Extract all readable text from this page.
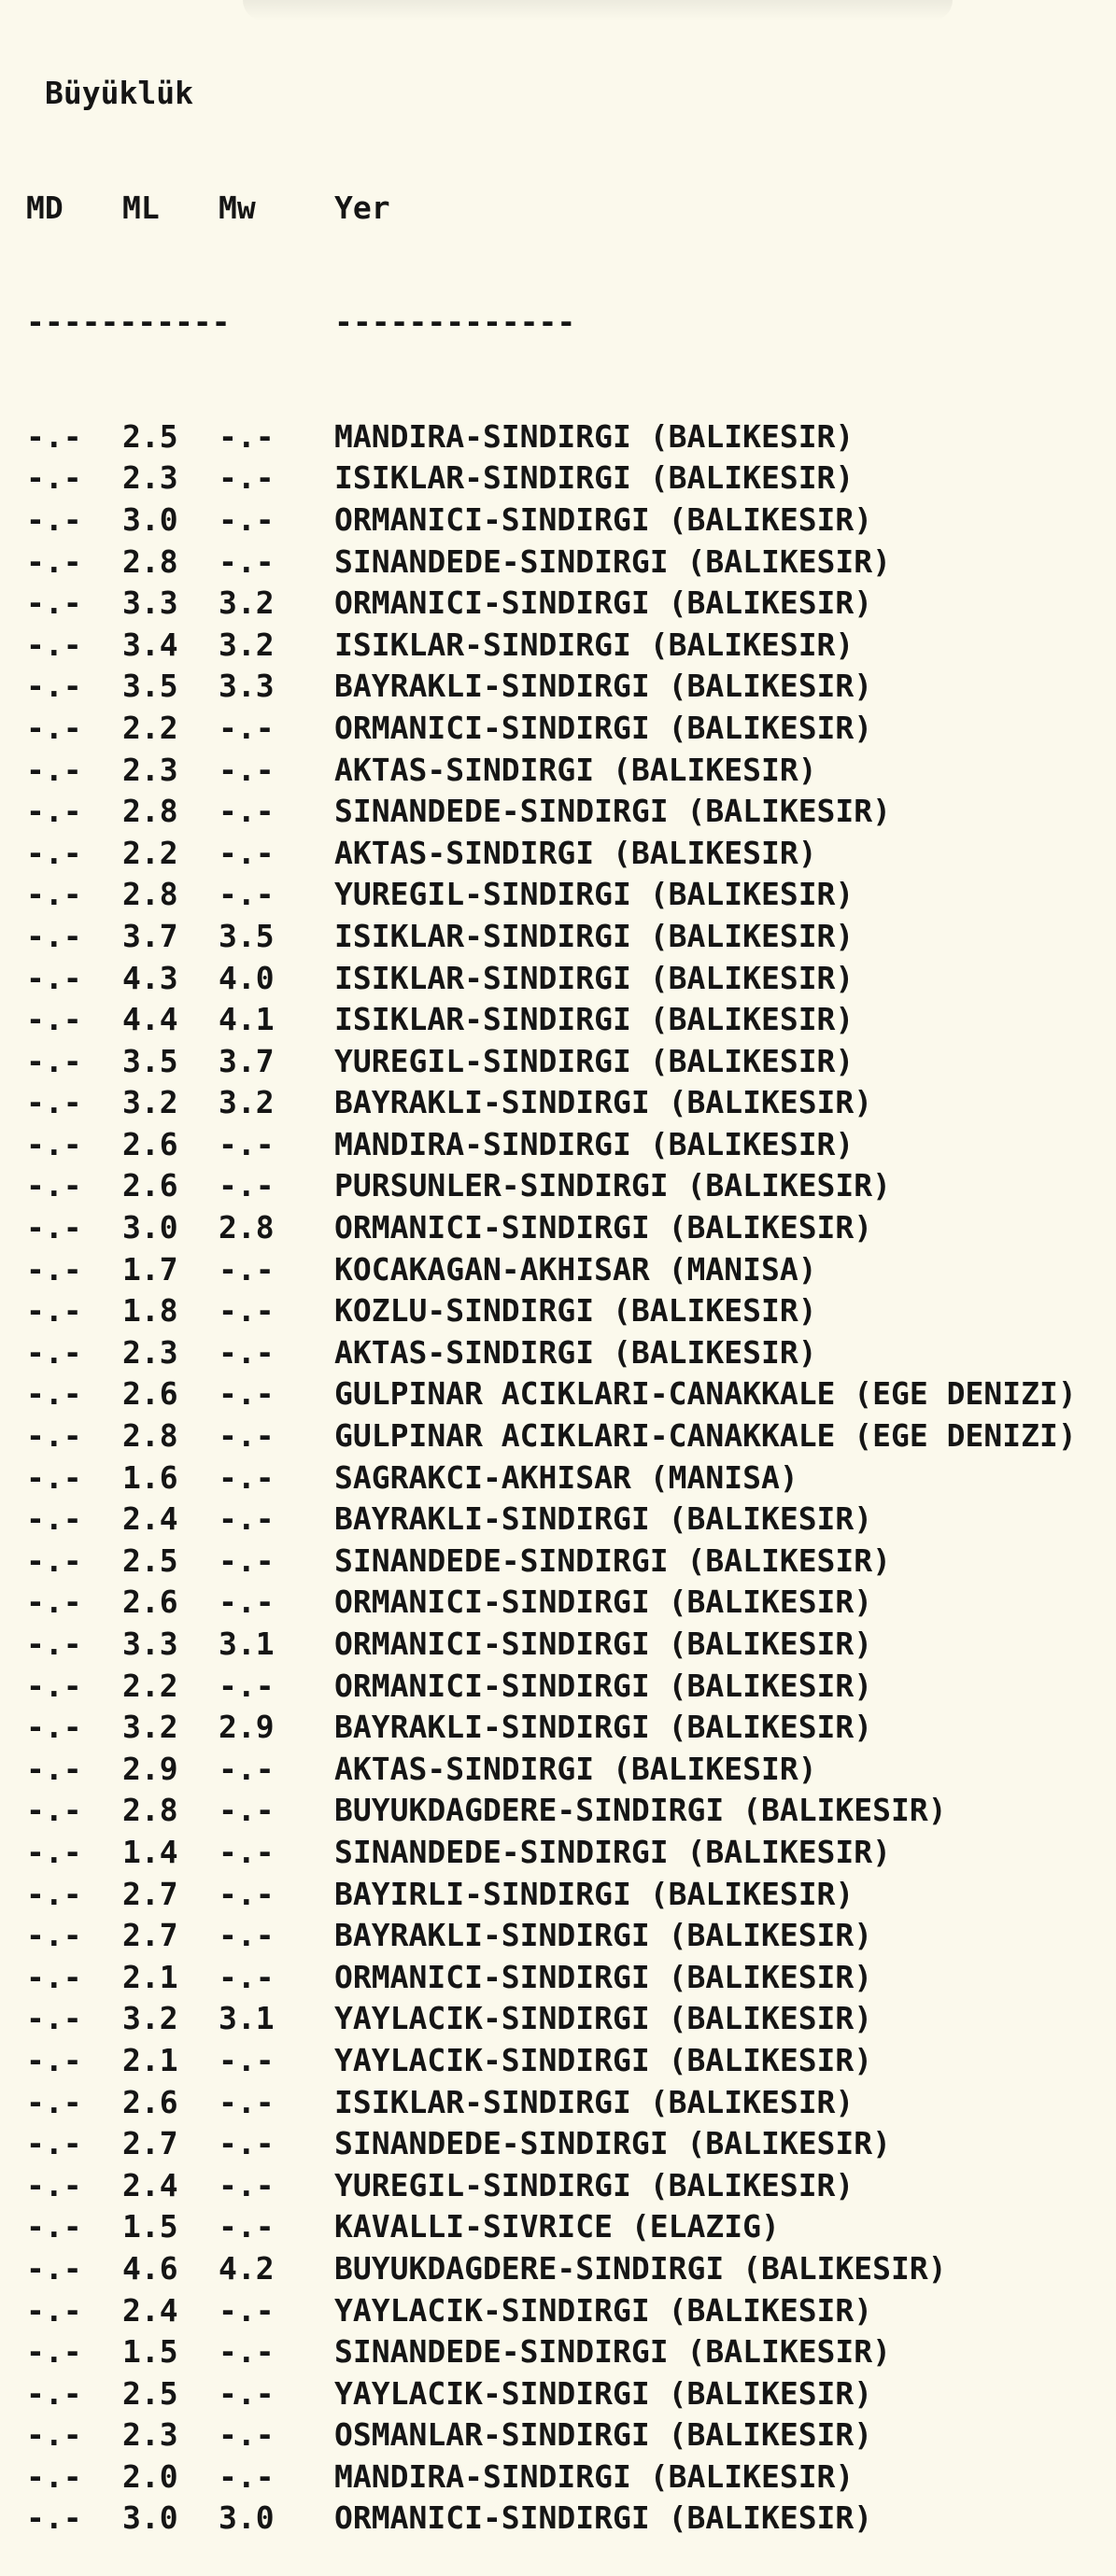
Büyüklük

MD ML Mw	Yer

-----------	-------------

-.- 2.5 -.- MANDIRA-SINDIRGI (BALIKESIR)
-.- 2.3 -.- ISIKLAR-SINDIRGI (BALIKESIR)
-.- 3.0 -.- ORMANICI-SINDIRGI (BALIKESIR)
-.- 2.8 -.- SINANDEDE-SINDIRGI (BALIKESIR)
-.- 3.3 3.2 ORMANICI-SINDIRGI (BALIKESIR)
-.- 3.4 3.2 ISIKLAR-SINDIRGI (BALIKESIR)
-.- 3.5 3.3 BAYRAKLI-SINDIRGI (BALIKESIR)
-.- 2.2 -.- ORMANICI-SINDIRGI (BALIKESIR)
-.- 2.3 -.- AKTAS-SINDIRGI (BALIKESIR)
-.- 2.8 -.- SINANDEDE-SINDIRGI (BALIKESIR)
-.- 2.2 -.- AKTAS-SINDIRGI (BALIKESIR)
-.- 2.8 -.- YUREGIL-SINDIRGI (BALIKESIR)
-.- 3.7 3.5 ISIKLAR-SINDIRGI (BALIKESIR)
-.- 4.3 4.0 ISIKLAR-SINDIRGI (BALIKESIR)
-.- 4.4 4.1 ISIKLAR-SINDIRGI (BALIKESIR)
-.- 3.5 3.7 YUREGIL-SINDIRGI (BALIKESIR)
-.- 3.2 3.2 BAYRAKLI-SINDIRGI (BALIKESIR)
-.- 2.6 -.- MANDIRA-SINDIRGI (BALIKESIR)
-.- 2.6 -.- PURSUNLER-SINDIRGI (BALIKESIR)
-.- 3.0 2.8 ORMANICI-SINDIRGI (BALIKESIR)
-.- 1.7 -.- KOCAKAGAN-AKHISAR (MANISA)
-.- 1.8 -.- KOZLU-SINDIRGI (BALIKESIR)
-.- 2.3 -.- AKTAS-SINDIRGI (BALIKESIR)
-.- 2.6 -.- GULPINAR ACIKLARI-CANAKKALE (EGE DENIZI)
-.- 2.8 -.- GULPINAR ACIKLARI-CANAKKALE (EGE DENIZI)
-.- 1.6 -.- SAGRAKCI-AKHISAR (MANISA)
-.- 2.4 -.- BAYRAKLI-SINDIRGI (BALIKESIR)
-.- 2.5 -.- SINANDEDE-SINDIRGI (BALIKESIR)
-.- 2.6 -.- ORMANICI-SINDIRGI (BALIKESIR)
-.- 3.3 3.1 ORMANICI-SINDIRGI (BALIKESIR)
-.- 2.2 -.- ORMANICI-SINDIRGI (BALIKESIR)
-.- 3.2 2.9 BAYRAKLI-SINDIRGI (BALIKESIR)
-.- 2.9 -.- AKTAS-SINDIRGI (BALIKESIR)
-.- 2.8 -.- BUYUKDAGDERE-SINDIRGI (BALIKESIR)
-.- 1.4 -.- SINANDEDE-SINDIRGI (BALIKESIR)
-.- 2.7 -.- BAYIRLI-SINDIRGI (BALIKESIR)
-.- 2.7 -.- BAYRAKLI-SINDIRGI (BALIKESIR)
-.- 2.1 -.- ORMANICI-SINDIRGI (BALIKESIR)
-.- 3.2 3.1 YAYLACIK-SINDIRGI (BALIKESIR)
-.- 2.1 -.- YAYLACIK-SINDIRGI (BALIKESIR)
-.- 2.6 -.- ISIKLAR-SINDIRGI (BALIKESIR)
-.- 2.7 -.- SINANDEDE-SINDIRGI (BALIKESIR)
-.- 2.4 -.- YUREGIL-SINDIRGI (BALIKESIR)
-.- 1.5 -.- KAVALLI-SIVRICE (ELAZIG)
-.- 4.6 4.2 BUYUKDAGDERE-SINDIRGI (BALIKESIR)
-.- 2.4 -.- YAYLACIK-SINDIRGI (BALIKESIR)
-.- 1.5 -.- SINANDEDE-SINDIRGI (BALIKESIR)
-.- 2.5 -.- YAYLACIK-SINDIRGI (BALIKESIR)
-.- 2.3 -.- OSMANLAR-SINDIRGI (BALIKESIR)
-.- 2.0 -.- MANDIRA-SINDIRGI (BALIKESIR)
-.- 3.0 3.0 ORMANICI-SINDIRGI (BALIKESIR)
